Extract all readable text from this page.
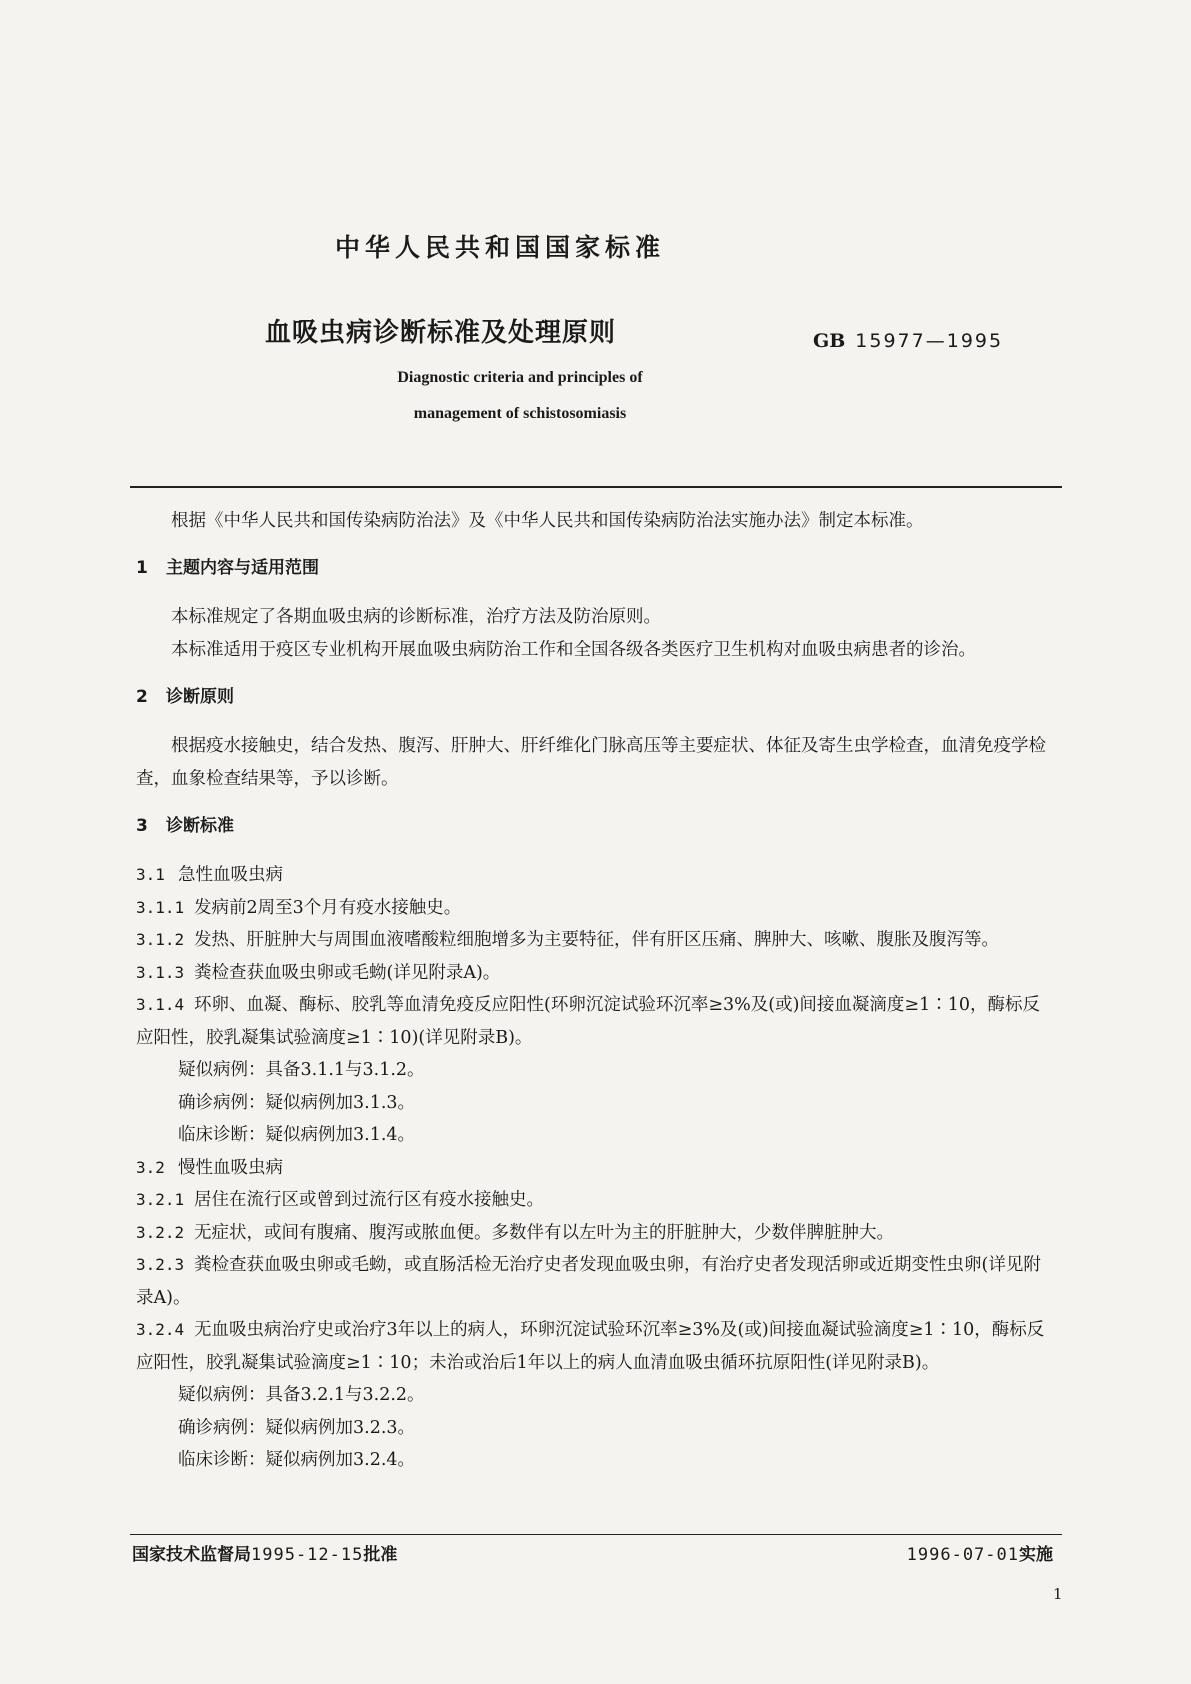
中华人民共和国国家标准
血吸虫病诊断标准及处理原则	GB 15977—1995
Diagnostic criteria and principles of
management of schistosomiasis

根据《中华人民共和国传染病防治法》及《中华人民共和国传染病防治法实施办法》制定本标准。

1 主题内容与适用范围

本标准规定了各期血吸虫病的诊断标准，治疗方法及防治原则。

本标准适用于疫区专业机构开展血吸虫病防治工作和全国各级各类医疗卫生机构对血吸虫病患者的诊治。

2 诊断原则

根据疫水接触史，结合发热、腹泻、肝肿大、肝纤维化门脉高压等主要症状、体征及寄生虫学检查，血清免疫学检查，血象检查结果等，予以诊断。

3 诊断标准

3.1 急性血吸虫病

3.1.1 发病前2周至3个月有疫水接触史。

3.1.2 发热、肝脏肿大与周围血液嗜酸粒细胞增多为主要特征，伴有肝区压痛、脾肿大、咳嗽、腹胀及腹泻等。

3.1.3 粪检查获血吸虫卵或毛蚴(详见附录A)。

3.1.4 环卵、血凝、酶标、胶乳等血清免疫反应阳性(环卵沉淀试验环沉率≥3%及(或)间接血凝滴度≥1∶10，酶标反应阳性，胶乳凝集试验滴度≥1∶10)(详见附录B)。

疑似病例：具备3.1.1与3.1.2。

确诊病例：疑似病例加3.1.3。

临床诊断：疑似病例加3.1.4。

3.2 慢性血吸虫病

3.2.1 居住在流行区或曾到过流行区有疫水接触史。

3.2.2 无症状，或间有腹痛、腹泻或脓血便。多数伴有以左叶为主的肝脏肿大，少数伴脾脏肿大。

3.2.3 粪检查获血吸虫卵或毛蚴，或直肠活检无治疗史者发现血吸虫卵，有治疗史者发现活卵或近期变性虫卵(详见附录A)。

3.2.4 无血吸虫病治疗史或治疗3年以上的病人，环卵沉淀试验环沉率≥3%及(或)间接血凝试验滴度≥1∶10，酶标反应阳性，胶乳凝集试验滴度≥1∶10；未治或治后1年以上的病人血清血吸虫循环抗原阳性(详见附录B)。

疑似病例：具备3.2.1与3.2.2。

确诊病例：疑似病例加3.2.3。

临床诊断：疑似病例加3.2.4。

国家技术监督局1995-12-15批准	1996-07-01实施
1
